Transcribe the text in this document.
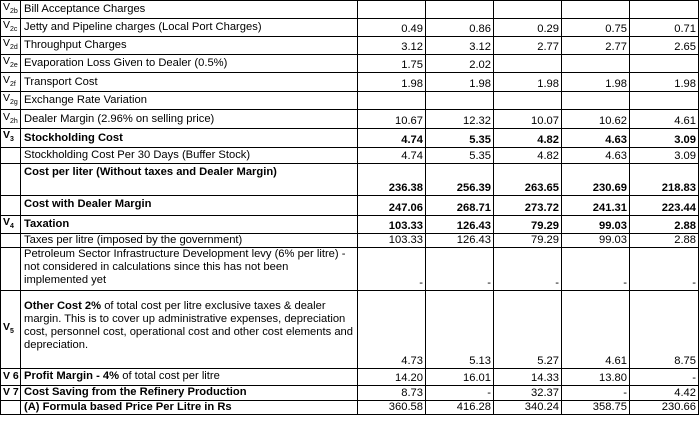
$V_{2b}$	Bill Acceptance Charges					
$V_{2c}$	Jetty and Pipeline charges (Local Port Charges)	0.49	0.86	0.29	0.75	0.71
$V_{2d}$	Throughput Charges	3.12	3.12	2.77	2.77	2.65
$V_{2e}$	Evaporation Loss Given to Dealer (0.5%)	1.75	2.02			
$V_{2f}$	Transport Cost	1.98	1.98	1.98	1.98	1.98
$V_{2g}$	Exchange Rate Variation					
$V_{2h}$	Dealer Margin (2.96% on selling price)	10.67	12.32	10.07	10.62	4.61
$V_3$	Stockholding Cost	4.74	5.35	4.82	4.63	3.09
	Stockholding Cost Per 30 Days (Buffer Stock)	4.74	5.35	4.82	4.63	3.09
	Cost per liter (Without taxes and Dealer Margin)	236.38	256.39	263.65	230.69	218.83
	Cost with Dealer Margin	247.06	268.71	273.72	241.31	223.44
$V_4$	Taxation	103.33	126.43	79.29	99.03	2.88
	Taxes per litre (imposed by the government)	103.33	126.43	79.29	99.03	2.88
	Petroleum Sector Infrastructure Development levy (6% per litre) - not considered in calculations since this has not been implemented yet	-	-	-	-	-
$V_5$	Other Cost 2% of total cost per litre exclusive taxes & dealer margin. This is to cover up administrative expenses, depreciation cost, personnel cost, operational cost and other cost elements and depreciation.	4.73	5.13	5.27	4.61	8.75
V 6	Profit Margin - 4% of total cost per litre	14.20	16.01	14.33	13.80	-
V 7	Cost Saving from the Refinery Production	8.73	-	32.37	-	4.42
	(A) Formula based Price Per Litre in Rs	360.58	416.28	340.24	358.75	230.66
